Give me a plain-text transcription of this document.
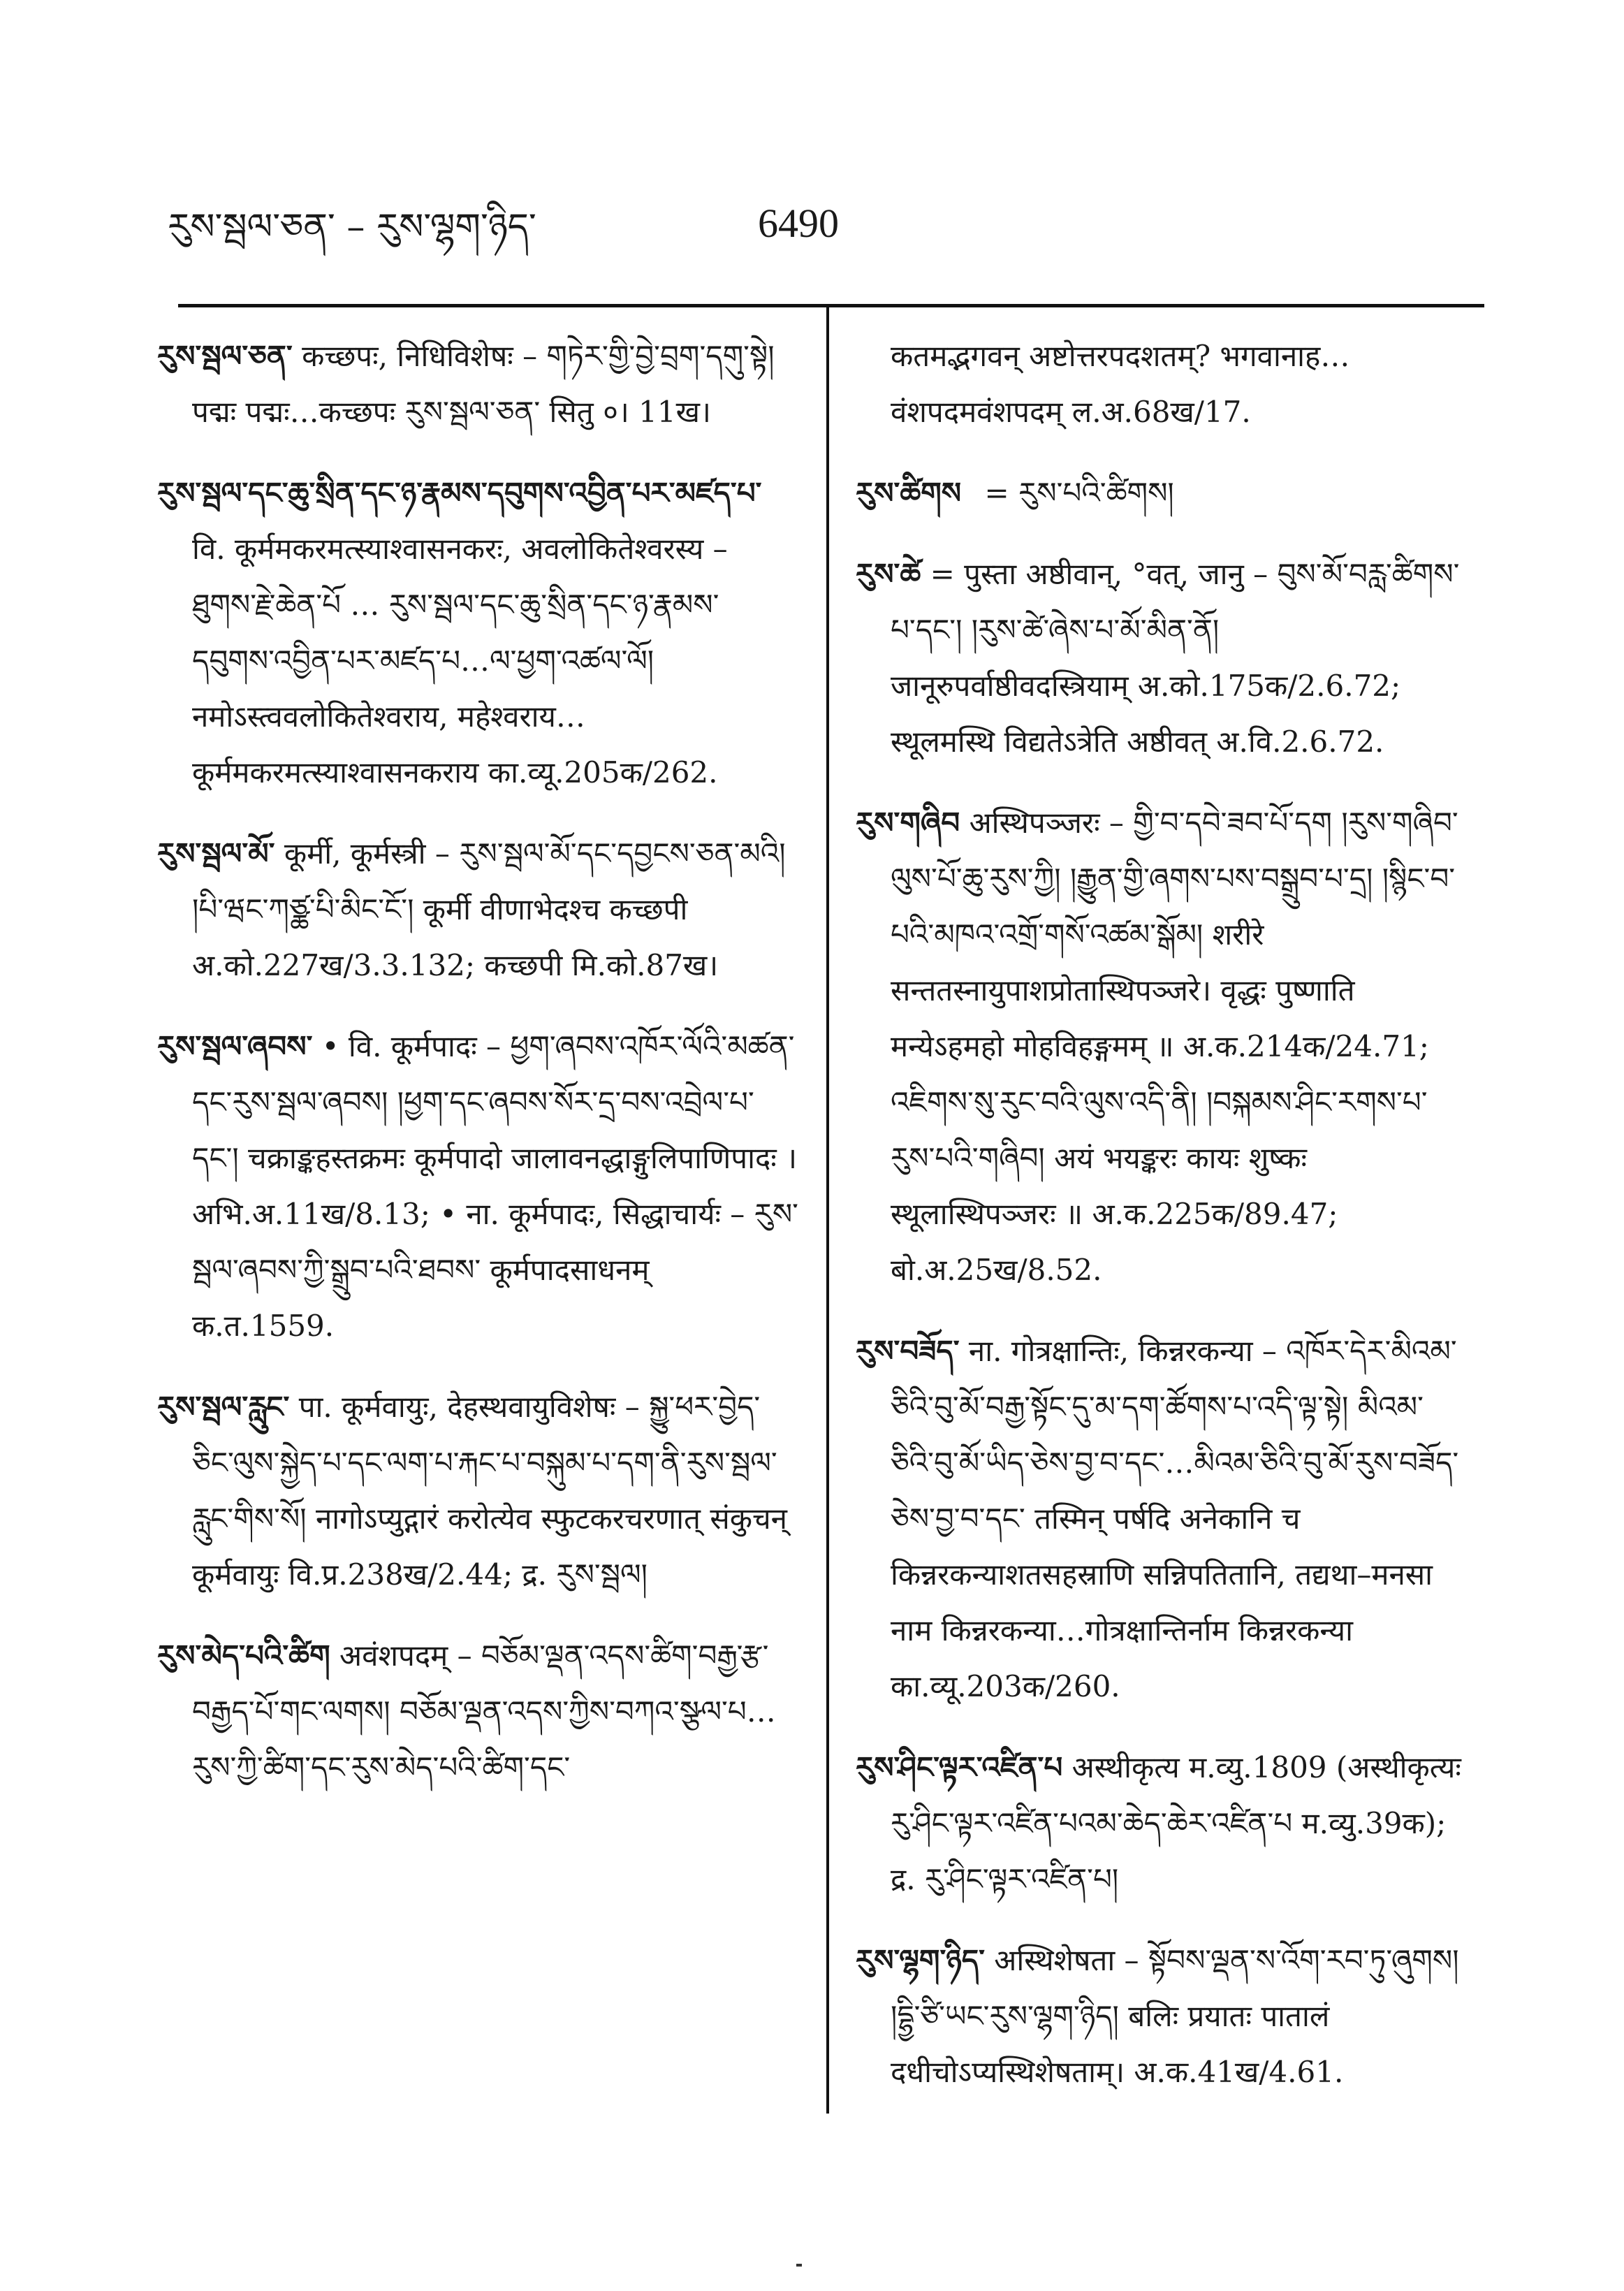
རུས་སྦལ་ཅན་ – རུས་ལྷག་ཉིད་	6490
རུས་སྦལ་ཅན་ कच्छपः, निधिविशेषः – གཏེར་གྱི་བྱེ་བྲག་དགུ་སྟེ། पद्मः पद्मः…कच्छपः རུས་སྦལ་ཅན་ सितु ०। 11ख।
རུས་སྦལ་དང་ཆུ་སྲིན་དང་ཉ་རྣམས་དབུགས་འབྱིན་པར་མཛད་པ་ वि. कूर्ममकरमत्स्याश्वासनकरः, अवलोकितेश्वरस्य – ཐུགས་རྗེ་ཆེན་པོ … རུས་སྦལ་དང་ཆུ་སྲིན་དང་ཉ་རྣམས་དབུགས་འབྱིན་པར་མཛད་པ…ལ་ཕྱག་འཚལ་ལོ། नमोऽस्त्ववलोकितेश्वराय, महेश्वराय…कूर्ममकरमत्स्याश्वासनकराय का.व्यू.205क/262.
རུས་སྦལ་མོ་ कूर्मी, कूर्मस्त्री – རུས་སྦལ་མོ་དང་དབྱངས་ཅན་མའི། །པི་ཝང་ཀཙྪ་པི་མིང་ངོ་། कूर्मी वीणाभेदश्च कच्छपी अ.को.227ख/3.3.132; कच्छपी मि.को.87ख।
རུས་སྦལ་ཞབས་ • वि. कूर्मपादः – ཕྱག་ཞབས་འཁོར་ལོའི་མཚན་དང་རུས་སྦལ་ཞབས། །ཕྱག་དང་ཞབས་སོར་དྲ་བས་འབྲེལ་པ་དང་། चक्राङ्कहस्तक्रमः कूर्मपादो जालावनद्धाङ्गुलिपाणिपादः । अभि.अ.11ख/8.13; • ना. कूर्मपादः, सिद्धाचार्यः – རུས་སྦལ་ཞབས་ཀྱི་སྒྲུབ་པའི་ཐབས་ कूर्मपादसाधनम् क.त.1559.
རུས་སྦལ་རླུང་ पा. कूर्मवायुः, देहस्थवायुविशेषः – སྐྱུ་ཕར་བྱེད་ཅིང་ལུས་སྐྱེད་པ་དང་ལག་པ་རྐང་པ་བསྐུམ་པ་དག་ནི་རུས་སྦལ་རླུང་གིས་སོ། नागोऽप्युद्गारं करोत्येव स्फुटकरचरणात् संकुचन् कूर्मवायुः वि.प्र.238ख/2.44; द्र. རུས་སྦལ།
རུས་མེད་པའི་ཚིག अवंशपदम् – བཅོམ་ལྡན་འདས་ཚིག་བརྒྱ་རྩ་བརྒྱད་པོ་གང་ལགས། བཅོམ་ལྡན་འདས་ཀྱིས་བཀའ་སྩལ་པ…རུས་ཀྱི་ཚིག་དང་རུས་མེད་པའི་ཚིག་དང་
कतमद्भगवन् अष्टोत्तरपदशतम्? भगवानाह…वंशपदमवंशपदम् ल.अ.68ख/17.
རུས་ཚིགས = རུས་པའི་ཚིགས།
རུས་ཚེ = पुस्ता अष्ठीवान्, °वत्, जानु – བུས་མོ་བརླ་ཚིགས་པ་དང་། །རུས་ཚེ་ཞེས་པ་མོ་མིན་ནོ། जानूरुपर्वाष्ठीवदस्त्रियाम् अ.को.175क/2.6.72; स्थूलमस्थि विद्यतेऽत्रेति अष्ठीवत् अ.वि.2.6.72.
རུས་གཞིབ अस्थिपञ्जरः – གྱི་བ་དབེ་ཟབ་པོ་དག །རུས་གཞིབ་ལུས་པོ་ཆུ་རུས་ཀྱི། །རྒྱུན་གྱི་ཞགས་པས་བསྒྲུབ་པ་དྲ། །སྙིང་བ་པའི་མཁའ་འགྲོ་གསོ་འཚམ་སྒོམ། शरीरे सन्ततस्नायुपाशप्रोतास्थिपञ्जरे। वृद्धः पुष्णाति मन्येऽहमहो मोहविहङ्गमम् ॥ अ.क.214क/24.71; འཇིགས་སུ་རུང་བའི་ལུས་འདི་ནི། །བསྐམས་ཤིང་རགས་པ་རུས་པའི་གཞིབ། अयं भयङ्करः कायः शुष्कः स्थूलास्थिपञ्जरः ॥ अ.क.225क/89.47; बो.अ.25ख/8.52.
རུས་བཟོད་ ना. गोत्रक्षान्तिः, किन्नरकन्या – འཁོར་དེར་མིའམ་ཅིའི་བུ་མོ་བརྒྱ་སྟོང་དུ་མ་དག་ཚོགས་པ་འདི་ལྟ་སྟེ། མིའམ་ཅིའི་བུ་མོ་ཡིད་ཅེས་བྱ་བ་དང་…མིའམ་ཅིའི་བུ་མོ་རུས་བཟོད་ཅེས་བྱ་བ་དང་ तस्मिन् पर्षदि अनेकानि च किन्नरकन्याशतसहस्राणि सन्निपतितानि, तद्यथा–मनसा नाम किन्नरकन्या…गोत्रक्षान्तिर्नाम किन्नरकन्या का.व्यू.203क/260.
རུས་ཤིང་ལྟར་འཛིན་པ अस्थीकृत्य म.व्यु.1809 (अस्थीकृत्यः རུ་ཤིང་ལྟར་འཛིན་པའམ་ཆེད་ཆེར་འཛིན་པ म.व्यु.39क); द्र. རུ་ཤིང་ལྟར་འཛིན་པ།
རུས་ལྷག་ཉིད་ अस्थिशेषता – སྟོབས་ལྡན་ས་འོག་རབ་ཏུ་ཞུགས། །དྷྱི་ཙི་ཡང་རུས་ལྷག་ཉིད། बलिः प्रयातः पातालं दधीचोऽप्यस्थिशेषताम्। अ.क.41ख/4.61.
